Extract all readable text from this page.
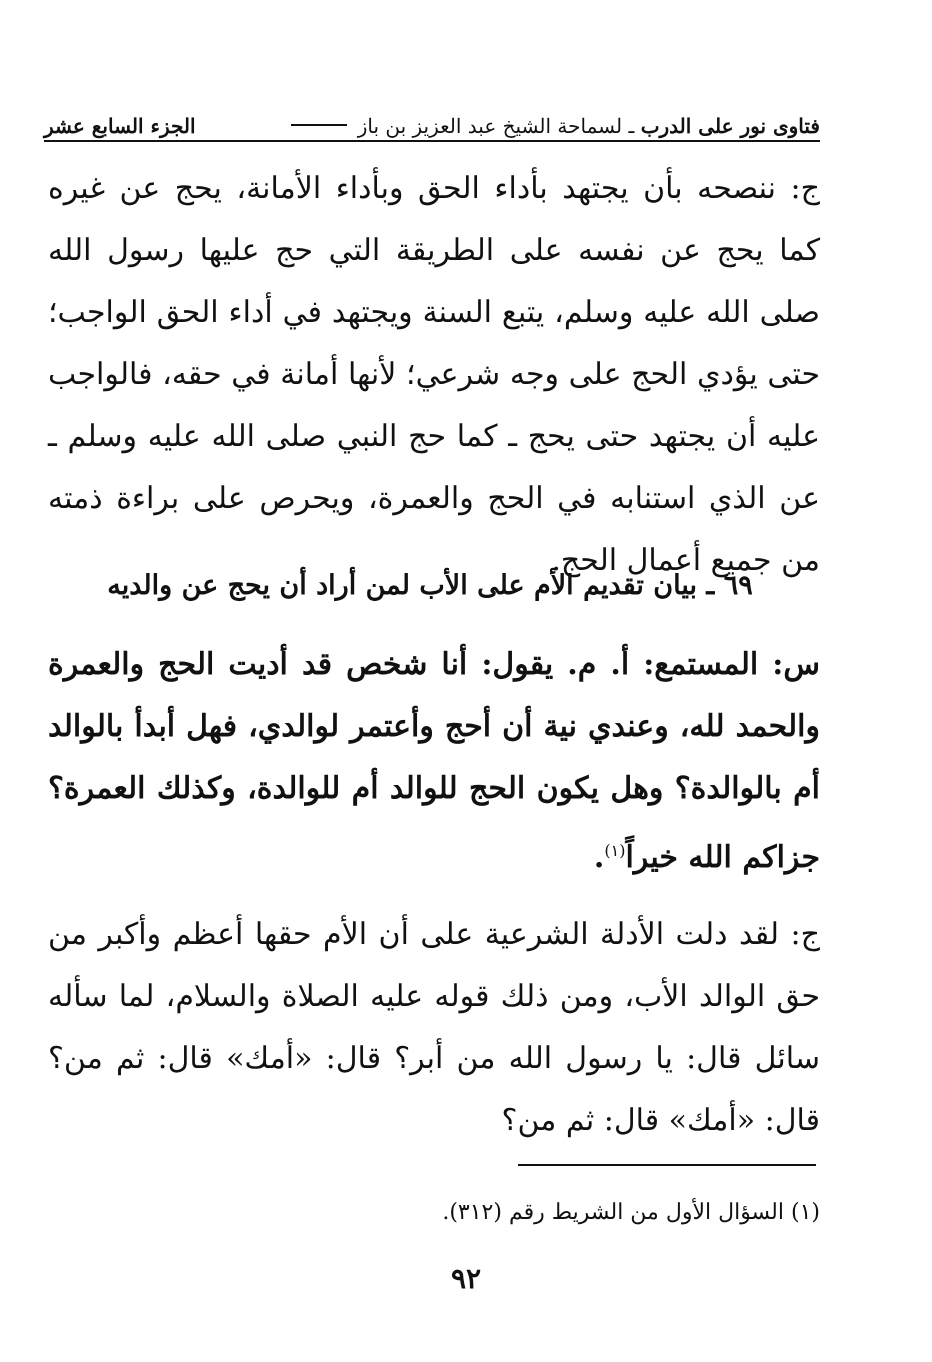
فتاوى نور على الدرب ـ لسماحة الشيخ عبد العزيز بن باز
الجزء السابع عشر
ج: ننصحه بأن يجتهد بأداء الحق وبأداء الأمانة، يحج عن غيره كما يحج عن نفسه على الطريقة التي حج عليها رسول الله صلى الله عليه وسلم، يتبع السنة ويجتهد في أداء الحق الواجب؛ حتى يؤدي الحج على وجه شرعي؛ لأنها أمانة في حقه، فالواجب عليه أن يجتهد حتى يحج ـ كما حج النبي صلى الله عليه وسلم ـ عن الذي استنابه في الحج والعمرة، ويحرص على براءة ذمته من جميع أعمال الحج.
٦٩ ـ بيان تقديم الأم على الأب لمن أراد أن يحج عن والديه
س: المستمع: أ. م. يقول: أنا شخص قد أديت الحج والعمرة والحمد لله، وعندي نية أن أحج وأعتمر لوالدي، فهل أبدأ بالوالد أم بالوالدة؟ وهل يكون الحج للوالد أم للوالدة، وكذلك العمرة؟ جزاكم الله خيراً$^{(١)}$.
ج: لقد دلت الأدلة الشرعية على أن الأم حقها أعظم وأكبر من حق الوالد الأب، ومن ذلك قوله عليه الصلاة والسلام، لما سأله سائل قال: يا رسول الله من أبر؟ قال: «أمك» قال: ثم من؟ قال: «أمك» قال: ثم من؟
(١) السؤال الأول من الشريط رقم (٣١٢).
٩٢
